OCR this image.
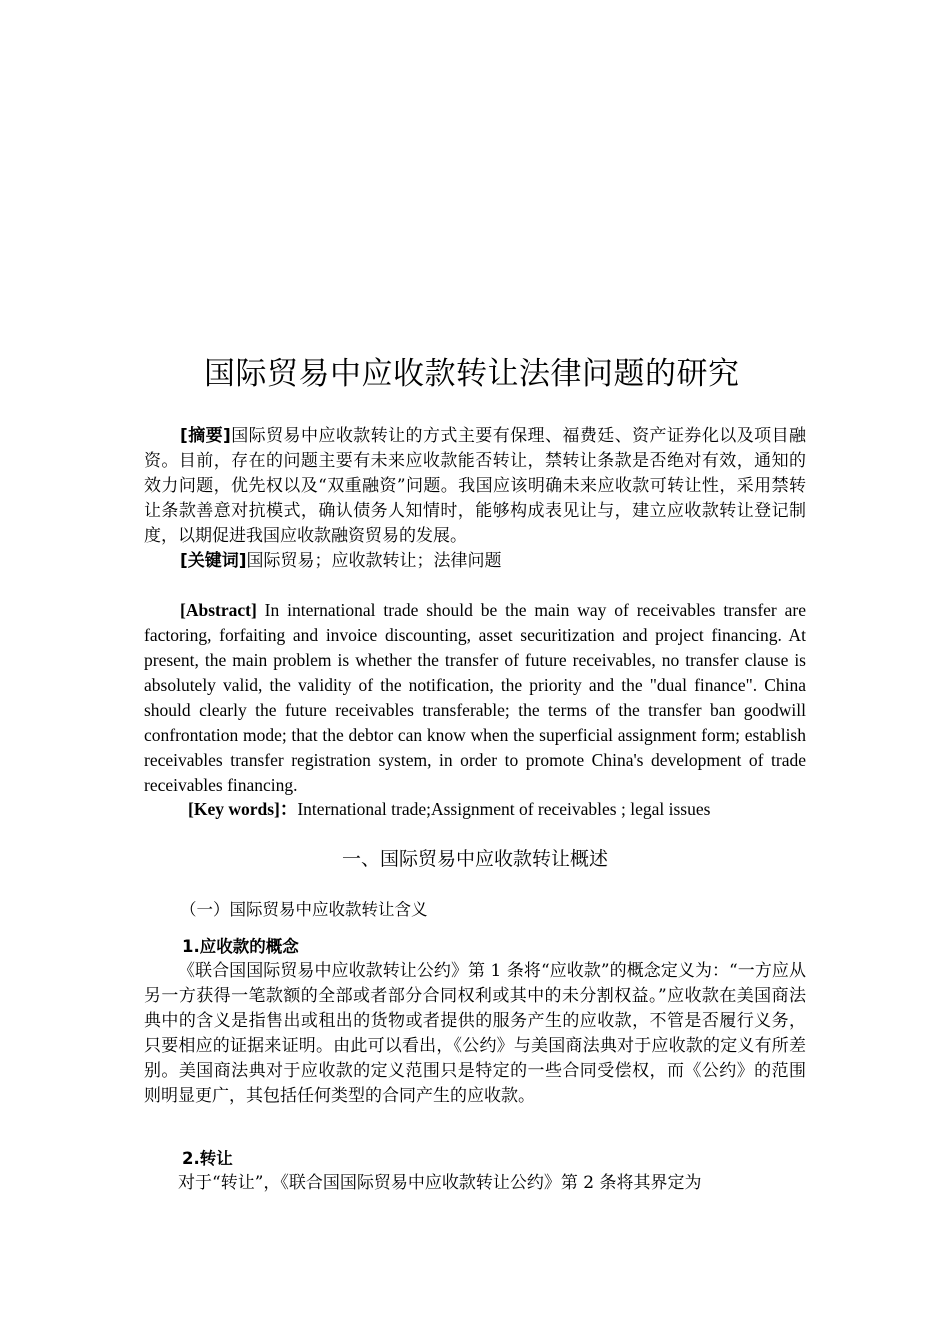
国际贸易中应收款转让法律问题的研究

[摘要]国际贸易中应收款转让的方式主要有保理、福费廷、资产证券化以及项目融资。目前，存在的问题主要有未来应收款能否转让，禁转让条款是否绝对有效，通知的效力问题，优先权以及“双重融资”问题。我国应该明确未来应收款可转让性，采用禁转让条款善意对抗模式，确认债务人知情时，能够构成表见让与，建立应收款转让登记制度，以期促进我国应收款融资贸易的发展。

[关键词]国际贸易；应收款转让；法律问题

[Abstract] In international trade should be the main way of receivables transfer are factoring, forfaiting and invoice discounting, asset securitization and project financing. At present, the main problem is whether the transfer of future receivables, no transfer clause is absolutely valid, the validity of the notification, the priority and the "dual finance". China should clearly the future receivables transferable; the terms of the transfer ban goodwill confrontation mode; that the debtor can know when the superficial assignment form; establish receivables transfer registration system, in order to promote China's development of trade receivables financing.

[Key words]：International trade;Assignment of receivables ; legal issues
一、国际贸易中应收款转让概述
（一）国际贸易中应收款转让含义
1.应收款的概念

《联合国国际贸易中应收款转让公约》第 1 条将“应收款”的概念定义为：“一方应从另一方获得一笔款额的全部或者部分合同权利或其中的未分割权益。”应收款在美国商法典中的含义是指售出或租出的货物或者提供的服务产生的应收款，不管是否履行义务，只要相应的证据来证明。由此可以看出，《公约》与美国商法典对于应收款的定义有所差别。美国商法典对于应收款的定义范围只是特定的一些合同受偿权，而《公约》的范围则明显更广，其包括任何类型的合同产生的应收款。

2.转让

对于“转让”，《联合国国际贸易中应收款转让公约》第 2 条将其界定为
